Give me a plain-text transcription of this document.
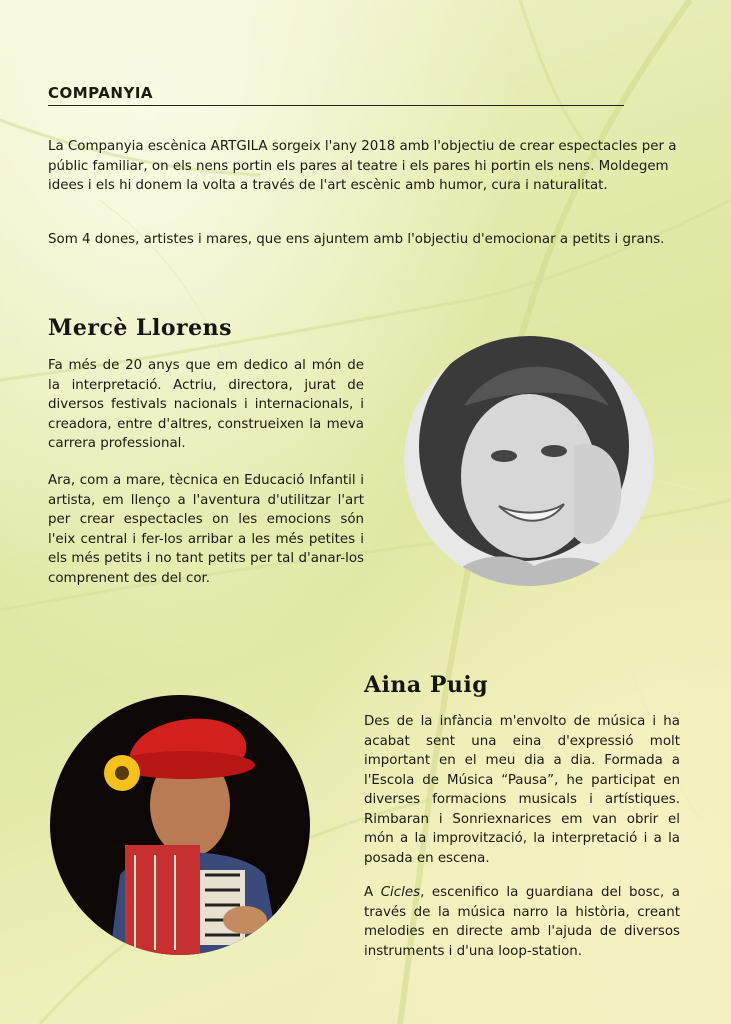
COMPANYIA

La Companyia escènica ARTGILA sorgeix l'any 2018 amb l'objectiu de crear espectacles per a públic familiar, on els nens portin els pares al teatre i els pares hi portin els nens. Moldegem idees i els hi donem la volta a través de l'art escènic amb humor, cura i naturalitat.

Som 4 dones, artistes i mares, que ens ajuntem amb l'objectiu d'emocionar a petits i grans.

Mercè Llorens

Fa més de 20 anys que em dedico al món de la interpretació. Actriu, directora, jurat de diversos festivals nacionals i internacionals, i creadora, entre d'altres, construeixen la meva carrera professional.

Ara, com a mare, tècnica en Educació Infantil i artista, em llenço a l'aventura d'utilitzar l'art per crear espectacles on les emocions són l'eix central i fer-los arribar a les més petites i els més petits i no tant petits per tal d'anar-los comprenent des del cor.

Aina Puig

Des de la infància m'envolto de música i ha acabat sent una eina d'expressió molt important en el meu dia a dia. Formada a l'Escola de Música “Pausa”, he participat en diverses formacions musicals i artístiques. Rimbaran i Sonriexnarices em van obrir el món a la improvització, la interpretació i a la posada en escena.

A Cicles, escenifico la guardiana del bosc, a través de la música narro la història, creant melodies en directe amb l'ajuda de diversos instruments i d'una loop-station.
